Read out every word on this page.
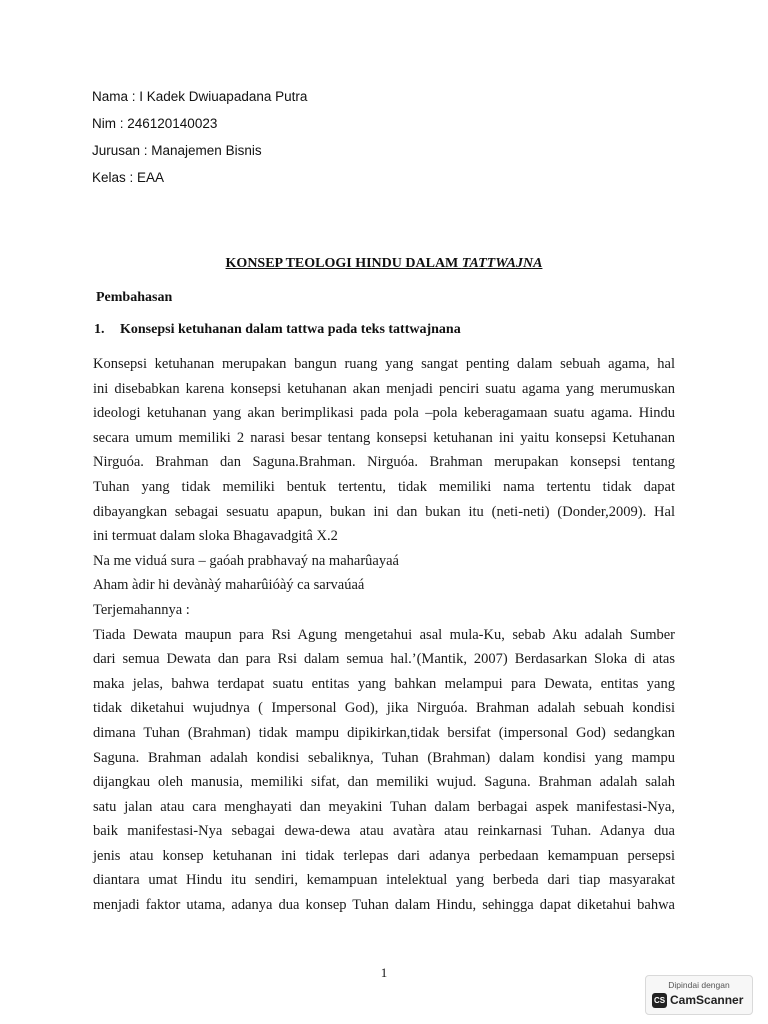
Nama : I Kadek Dwiuapadana Putra
Nim : 246120140023
Jurusan : Manajemen Bisnis
Kelas : EAA
KONSEP TEOLOGI HINDU DALAM TATTWAJNA
Pembahasan
1. Konsepsi ketuhanan dalam tattwa pada teks tattwajnana
Konsepsi ketuhanan merupakan bangun ruang yang sangat penting dalam sebuah agama, hal
ini disebabkan karena konsepsi ketuhanan akan menjadi penciri suatu agama yang merumuskan
ideologi ketuhanan yang akan berimplikasi pada pola –pola keberagamaan suatu agama. Hindu
secara umum memiliki 2 narasi besar tentang konsepsi ketuhanan ini yaitu konsepsi Ketuhanan
Nirguóa. Brahman dan Saguna.Brahman. Nirguóa. Brahman merupakan konsepsi tentang
Tuhan yang tidak memiliki bentuk tertentu, tidak memiliki nama tertentu tidak dapat
dibayangkan sebagai sesuatu apapun, bukan ini dan bukan itu (neti-neti) (Donder,2009). Hal
ini termuat dalam sloka Bhagavadgitâ X.2
Na me viduá sura – gaóah prabhavaý na maharûayaá
Aham àdir hi devànàý maharûióàý ca sarvaúaá
Terjemahannya :
Tiada Dewata maupun para Rsi Agung mengetahui asal mula-Ku, sebab Aku adalah Sumber
dari semua Dewata dan para Rsi dalam semua hal.’(Mantik, 2007) Berdasarkan Sloka di atas
maka jelas, bahwa terdapat suatu entitas yang bahkan melampui para Dewata, entitas yang
tidak diketahui wujudnya ( Impersonal God), jika Nirguóa. Brahman adalah sebuah kondisi
dimana Tuhan (Brahman) tidak mampu dipikirkan,tidak bersifat (impersonal God) sedangkan
Saguna. Brahman adalah kondisi sebaliknya, Tuhan (Brahman) dalam kondisi yang mampu
dijangkau oleh manusia, memiliki sifat, dan memiliki wujud. Saguna. Brahman adalah salah
satu jalan atau cara menghayati dan meyakini Tuhan dalam berbagai aspek manifestasi-Nya,
baik manifestasi-Nya sebagai dewa-dewa atau avatàra atau reinkarnasi Tuhan. Adanya dua
jenis atau konsep ketuhanan ini tidak terlepas dari adanya perbedaan kemampuan persepsi
diantara umat Hindu itu sendiri, kemampuan intelektual yang berbeda dari tiap masyarakat
menjadi faktor utama, adanya dua konsep Tuhan dalam Hindu, sehingga dapat diketahui bahwa
1
Dipindai dengan
CS CamScanner
